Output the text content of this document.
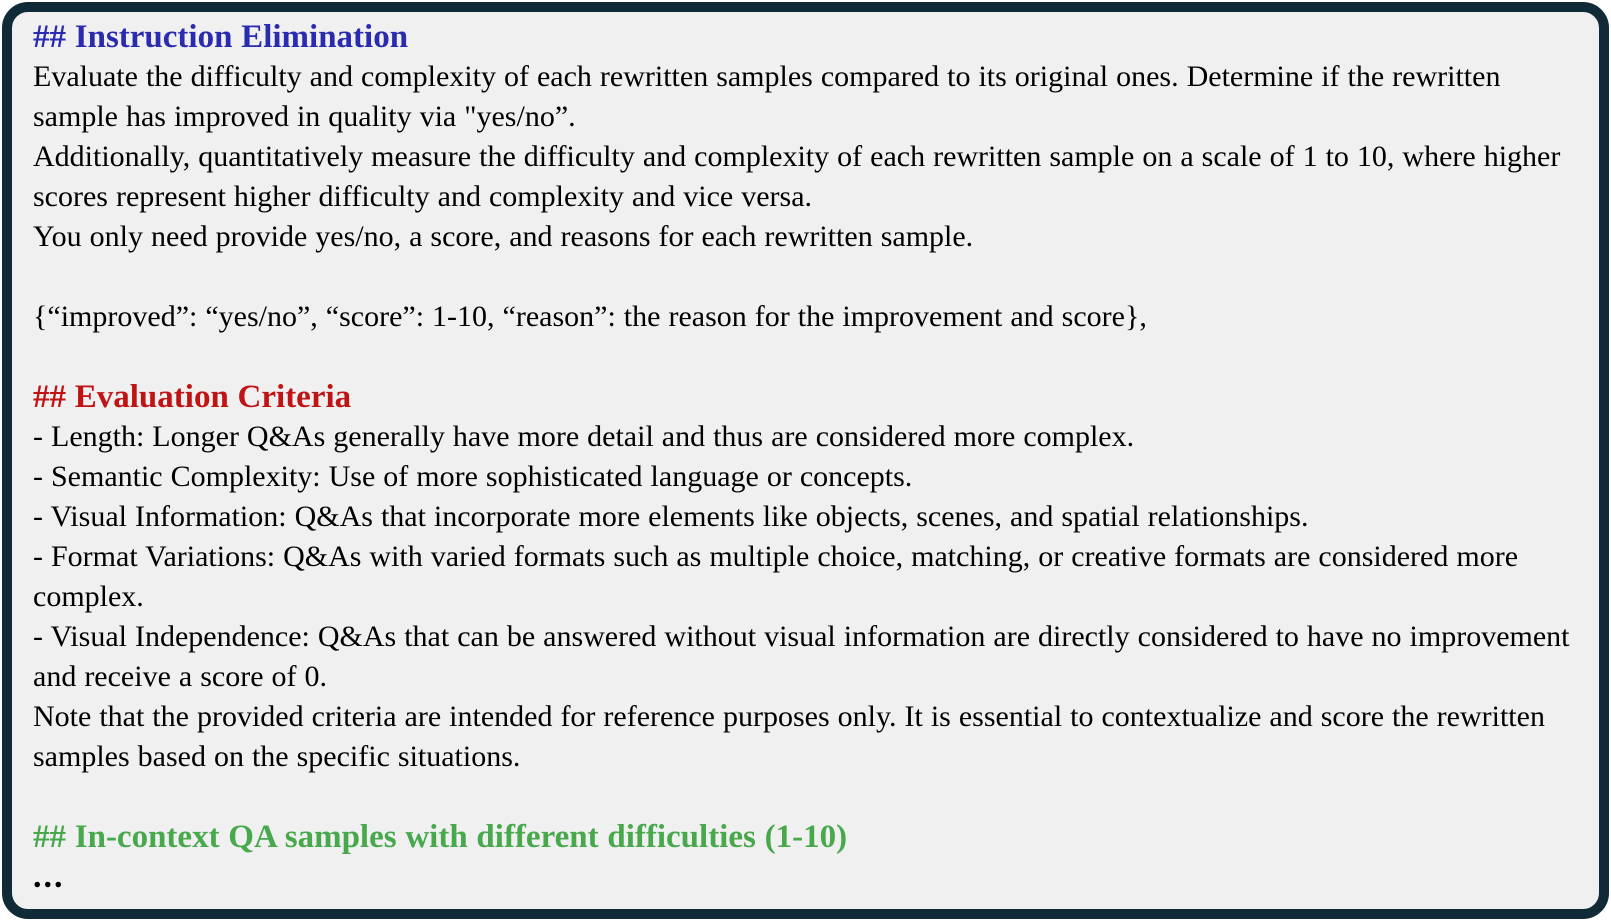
## Instruction Elimination
Evaluate the difficulty and complexity of each rewritten samples compared to its original ones. Determine if the rewritten sample has improved in quality via "yes/no”.
Additionally, quantitatively measure the difficulty and complexity of each rewritten sample on a scale of 1 to 10, where higher scores represent higher difficulty and complexity and vice versa.
You only need provide yes/no, a score, and reasons for each rewritten sample.
{“improved”: “yes/no”, “score”: 1-10, “reason”: the reason for the improvement and score},
## Evaluation Criteria
- Length: Longer Q&As generally have more detail and thus are considered more complex.
- Semantic Complexity: Use of more sophisticated language or concepts.
- Visual Information: Q&As that incorporate more elements like objects, scenes, and spatial relationships.
- Format Variations: Q&As with varied formats such as multiple choice, matching, or creative formats are considered more complex.
- Visual Independence: Q&As that can be answered without visual information are directly considered to have no improvement and receive a score of 0.
Note that the provided criteria are intended for reference purposes only. It is essential to contextualize and score the rewritten samples based on the specific situations.
## In-context QA samples with different difficulties (1-10)
...
